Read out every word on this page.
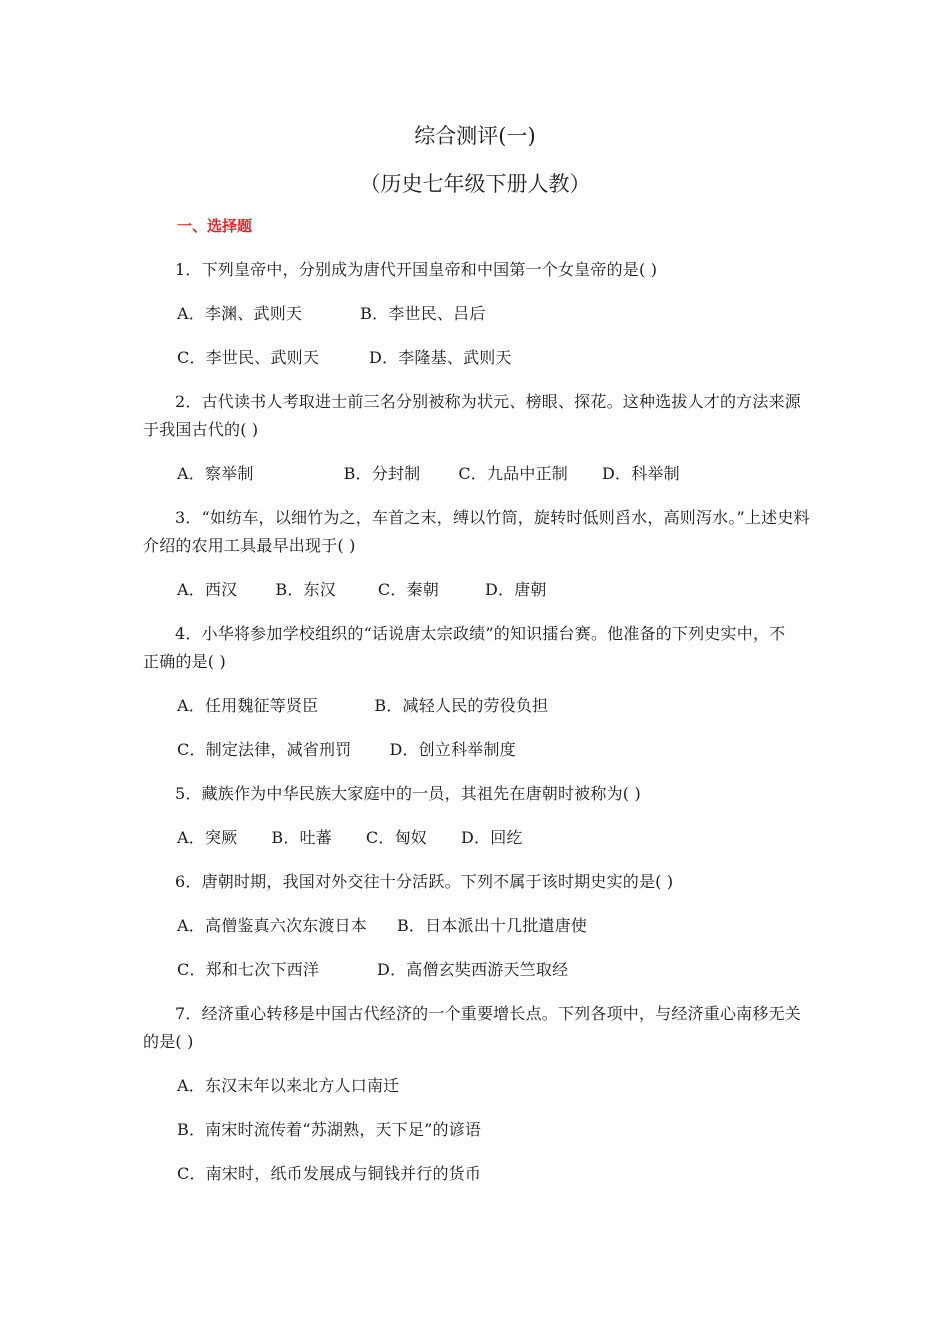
综合测评(一)
（历史七年级下册人教）
一、选择题
1．下列皇帝中，分别成为唐代开国皇帝和中国第一个女皇帝的是( )
A．李渊、武则天	B．李世民、吕后
C．李世民、武则天	D．李隆基、武则天
2．古代读书人考取进士前三名分别被称为状元、榜眼、探花。这种选拔人才的方法来源
于我国古代的( )
A．察举制	B．分封制 C．九品中正制 D．科举制
3．“如纺车，以细竹为之，车首之末，缚以竹筒，旋转时低则舀水，高则泻水。”上述史料
介绍的农用工具最早出现于( )
A．西汉 B．东汉	C．秦朝	D．唐朝
4．小华将参加学校组织的“话说唐太宗政绩”的知识擂台赛。他准备的下列史实中，不
正确的是( )
A．任用魏征等贤臣	B．减轻人民的劳役负担
C．制定法律，减省刑罚 D．创立科举制度
5．藏族作为中华民族大家庭中的一员，其祖先在唐朝时被称为( )
A．突厥 B．吐蕃 C．匈奴 D．回纥
6．唐朝时期，我国对外交往十分活跃。下列不属于该时期史实的是( )
A．高僧鉴真六次东渡日本 B．日本派出十几批遣唐使
C．郑和七次下西洋	D．高僧玄奘西游天竺取经
7．经济重心转移是中国古代经济的一个重要增长点。下列各项中，与经济重心南移无关
的是( )
A．东汉末年以来北方人口南迁
B．南宋时流传着“苏湖熟，天下足”的谚语
C．南宋时，纸币发展成与铜钱并行的货币
